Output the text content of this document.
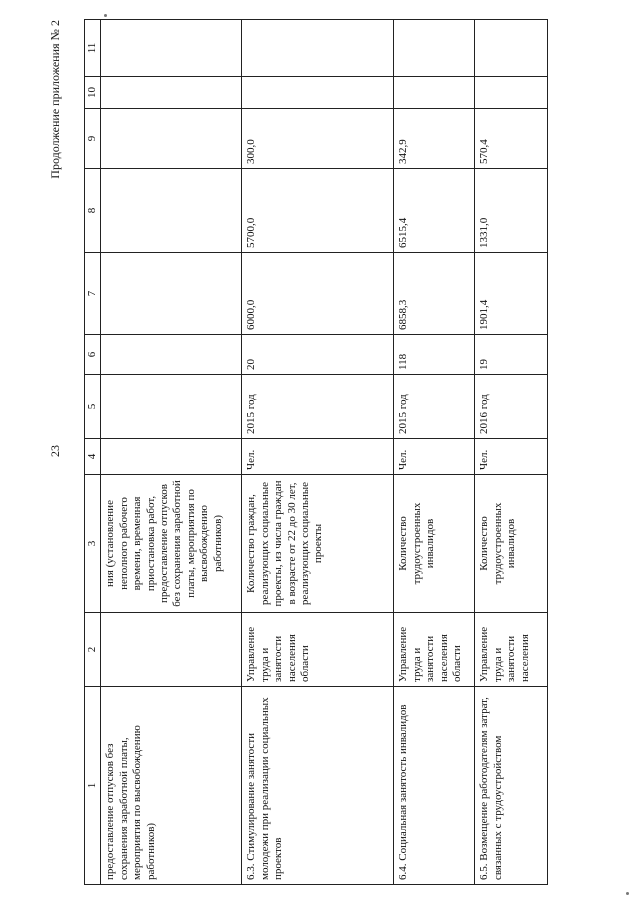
23
Продолжение приложения № 2
1	2	3	4	5	6	7	8	9	10	11
предоставление отпусков без сохранения заработной платы, мероприятия по высвобождению работников)		ния (установление неполного рабочего времени, временная приостановка работ, предоставление отпусков без сохранения заработной платы, мероприятия по высвобождению работников)								
6.3. Стимулирование занятости молодежи при реализации социальных проектов	Управление труда и занятости населения области	Количество граждан, реализующих социальные проекты, из числа граждан в возрасте от 22 до 30 лет, реализующих социальные проекты	Чел.	2015 год	20	6000,0	5700,0	300,0		
6.4. Социальная занятость инвалидов	Управление труда и занятости населения области	Количество трудоустроенных инвалидов	Чел.	2015 год	118	6858,3	6515,4	342,9		
6.5. Возмещение работодателям затрат, связанных с трудоустройством	Управление труда и занятости населения	Количество трудоустроенных инвалидов	Чел.	2016 год	19	1901,4	1331,0	570,4		
